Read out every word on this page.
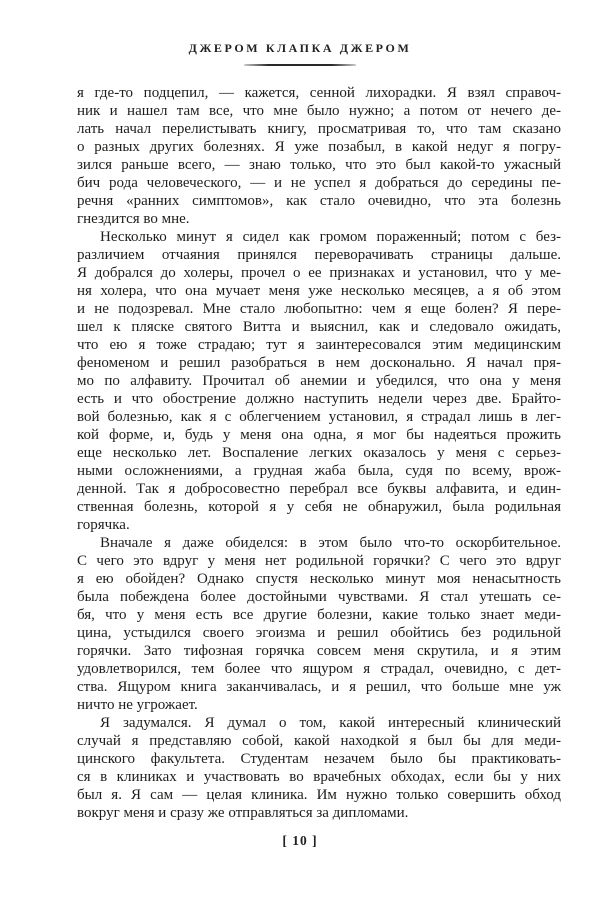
ДЖЕРОМ КЛАПКА ДЖЕРОМ
я где-то подцепил, — кажется, сенной лихорадки. Я взял справоч-
ник и нашел там все, что мне было нужно; а потом от нечего де-
лать начал перелистывать книгу, просматривая то, что там сказано
о разных других болезнях. Я уже позабыл, в какой недуг я погру-
зился раньше всего, — знаю только, что это был какой-то ужасный
бич рода человеческого, — и не успел я добраться до середины пе-
речня «ранних симптомов», как стало очевидно, что эта болезнь
гнездится во мне.
Несколько минут я сидел как громом пораженный; потом с без-
различием отчаяния принялся переворачивать страницы дальше.
Я добрался до холеры, прочел о ее признаках и установил, что у ме-
ня холера, что она мучает меня уже несколько месяцев, а я об этом
и не подозревал. Мне стало любопытно: чем я еще болен? Я пере-
шел к пляске святого Витта и выяснил, как и следовало ожидать,
что ею я тоже страдаю; тут я заинтересовался этим медицинским
феноменом и решил разобраться в нем досконально. Я начал пря-
мо по алфавиту. Прочитал об анемии и убедился, что она у меня
есть и что обострение должно наступить недели через две. Брайто-
вой болезнью, как я с облегчением установил, я страдал лишь в лег-
кой форме, и, будь у меня она одна, я мог бы надеяться прожить
еще несколько лет. Воспаление легких оказалось у меня с серьез-
ными осложнениями, а грудная жаба была, судя по всему, врож-
денной. Так я добросовестно перебрал все буквы алфавита, и един-
ственная болезнь, которой я у себя не обнаружил, была родильная
горячка.
Вначале я даже обиделся: в этом было что-то оскорбительное.
С чего это вдруг у меня нет родильной горячки? С чего это вдруг
я ею обойден? Однако спустя несколько минут моя ненасытность
была побеждена более достойными чувствами. Я стал утешать се-
бя, что у меня есть все другие болезни, какие только знает меди-
цина, устыдился своего эгоизма и решил обойтись без родильной
горячки. Зато тифозная горячка совсем меня скрутила, и я этим
удовлетворился, тем более что ящуром я страдал, очевидно, с дет-
ства. Ящуром книга заканчивалась, и я решил, что больше мне уж
ничто не угрожает.
Я задумался. Я думал о том, какой интересный клинический
случай я представляю собой, какой находкой я был бы для меди-
цинского факультета. Студентам незачем было бы практиковать-
ся в клиниках и участвовать во врачебных обходах, если бы у них
был я. Я сам — целая клиника. Им нужно только совершить обход
вокруг меня и сразу же отправляться за дипломами.
[ 10 ]
